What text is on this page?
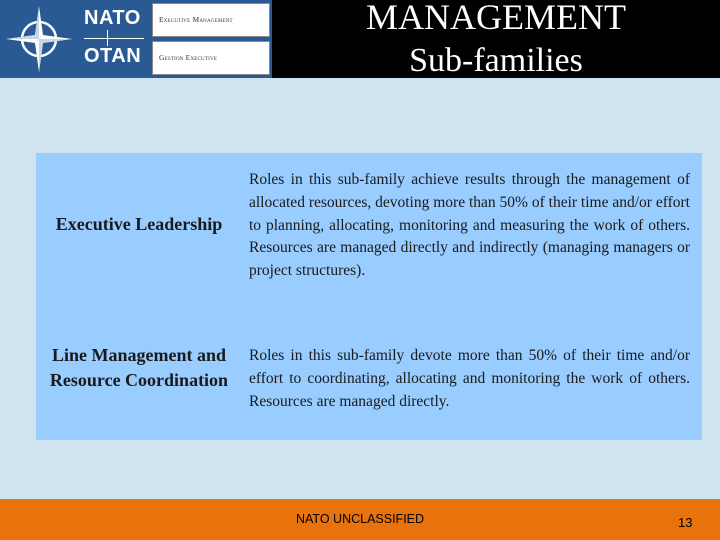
NATO
OTAN
Executive Management
Gestion Executive
MANAGEMENT
Sub-families
Executive Leadership
Roles in this sub-family achieve results through the management of allocated resources, devoting more than 50% of their time and/or effort to planning, allocating, monitoring and measuring the work of others. Resources are managed directly and indirectly (managing managers or project structures).
Line Management and Resource Coordination
Roles in this sub-family devote more than 50% of their time and/or effort to coordinating, allocating and monitoring the work of others. Resources are managed directly.
NATO UNCLASSIFIED	13
